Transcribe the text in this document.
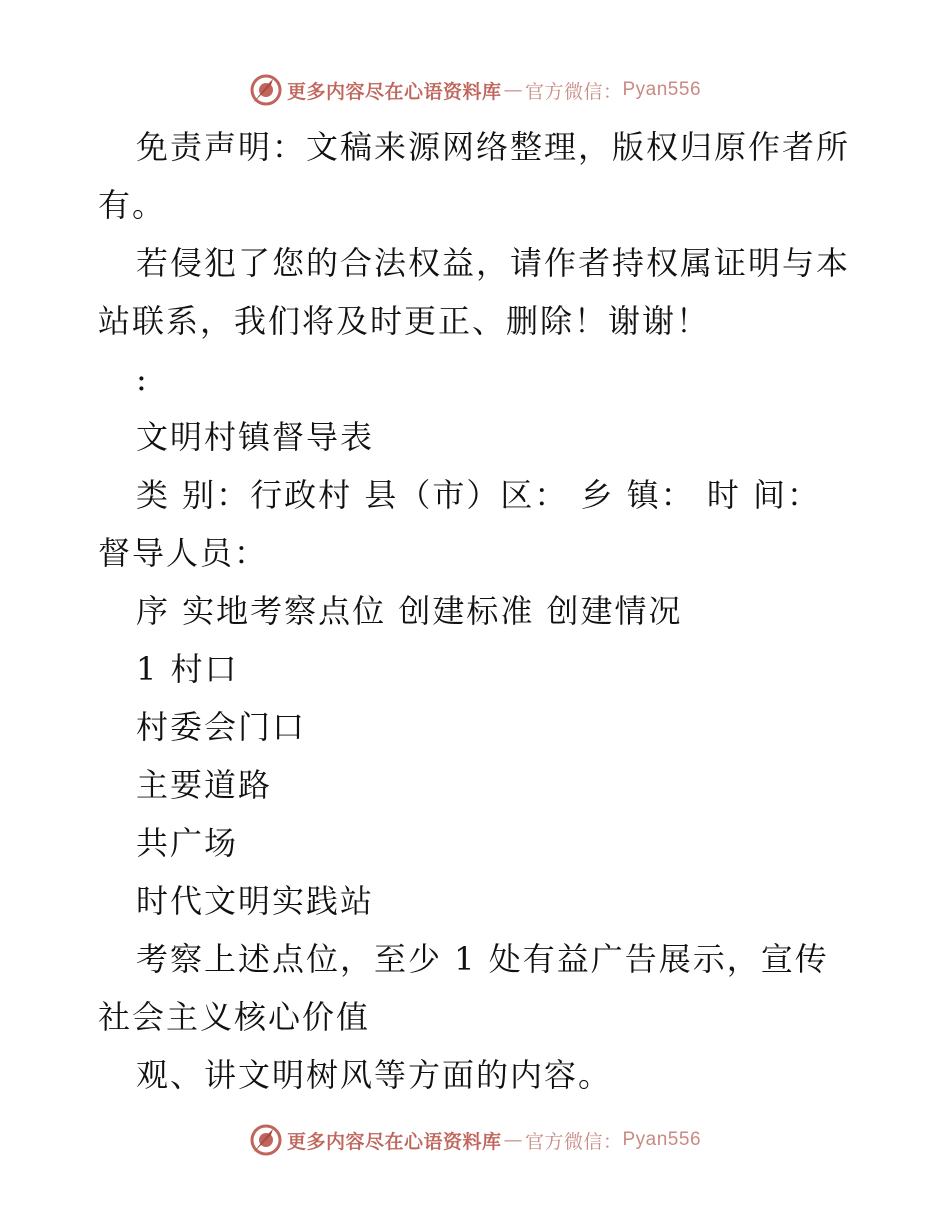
更多内容尽在心语资料库 — 官方微信： Pyan556

免责声明：文稿来源网络整理，版权归原作者所有。

若侵犯了您的合法权益，请作者持权属证明与本站联系，我们将及时更正、删除！谢谢！

:

文明村镇督导表

类 别：行政村 县（市）区： 乡 镇： 时 间：

督导人员：

序 实地考察点位 创建标准 创建情况

1 村口

村委会门口

主要道路

共广场

时代文明实践站

考察上述点位，至少 1 处有益广告展示，宣传社会主义核心价值

观、讲文明树风等方面的内容。

更多内容尽在心语资料库 — 官方微信： Pyan556
